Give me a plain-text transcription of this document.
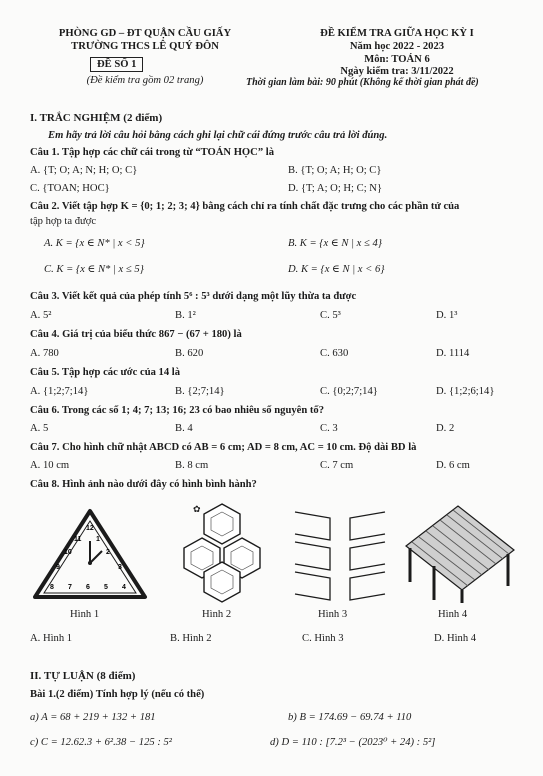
PHÒNG GD – ĐT QUẬN CẦU GIẤY
TRƯỜNG THCS LÊ QUÝ ĐÔN
ĐỀ SỐ 1
(Đề kiểm tra gồm 02 trang)
ĐỀ KIỂM TRA GIỮA HỌC KỲ I
Năm học 2022 - 2023
Môn: TOÁN 6
Ngày kiểm tra: 3/11/2022
Thời gian làm bài: 90 phút (Không kể thời gian phát đề)
I. TRẮC NGHIỆM (2 điểm)
Em hãy trả lời câu hỏi bằng cách ghi lại chữ cái đứng trước câu trả lời đúng.
Câu 1. Tập hợp các chữ cái trong từ “TOÁN HỌC” là
A. {T; O; A; N; H; O; C}	B. {T; O; A; H; O; C}
C. {TOAN; HOC}	D. {T; A; O; H; C; N}
Câu 2. Viết tập hợp K = {0; 1; 2; 3; 4} bằng cách chỉ ra tính chất đặc trưng cho các phần tử của
tập hợp ta được
A. K = {x ∈ N* | x < 5}	B. K = {x ∈ N | x ≤ 4}
C. K = {x ∈ N* | x ≤ 5}	D. K = {x ∈ N | x < 6}
Câu 3. Viết kết quả của phép tính 5⁶ : 5³ dưới dạng một lũy thừa ta được
A. 5²	B. 1²	C. 5³	D. 1³
Câu 4. Giá trị của biểu thức 867 − (67 + 180) là
A. 780	B. 620	C. 630	D. 1114
Câu 5. Tập hợp các ước của 14 là
A. {1;2;7;14}	B. {2;7;14}	C. {0;2;7;14}	D. {1;2;6;14}
Câu 6. Trong các số 1; 4; 7; 13; 16; 23 có bao nhiêu số nguyên tố?
A. 5	B. 4	C. 3	D. 2
Câu 7. Cho hình chữ nhật ABCD có AB = 6 cm; AD = 8 cm, AC = 10 cm. Độ dài BD là
A. 10 cm	B. 8 cm	C. 7 cm	D. 6 cm
Câu 8. Hình ảnh nào dưới đây có hình bình hành?
12
1
11
2
10
9	3
8 7 6 5 4
✿
Hình 1	Hình 2	Hình 3	Hình 4
A. Hình 1	B. Hình 2	C. Hình 3	D. Hình 4
II. TỰ LUẬN (8 điểm)
Bài 1.(2 điểm) Tính hợp lý (nếu có thể)
a) A = 68 + 219 + 132 + 181	b) B = 174.69 − 69.74 + 110
c) C = 12.62.3 + 6².38 − 125 : 5²	d) D = 110 : [7.2³ − (2023⁰ + 24) : 5²]
